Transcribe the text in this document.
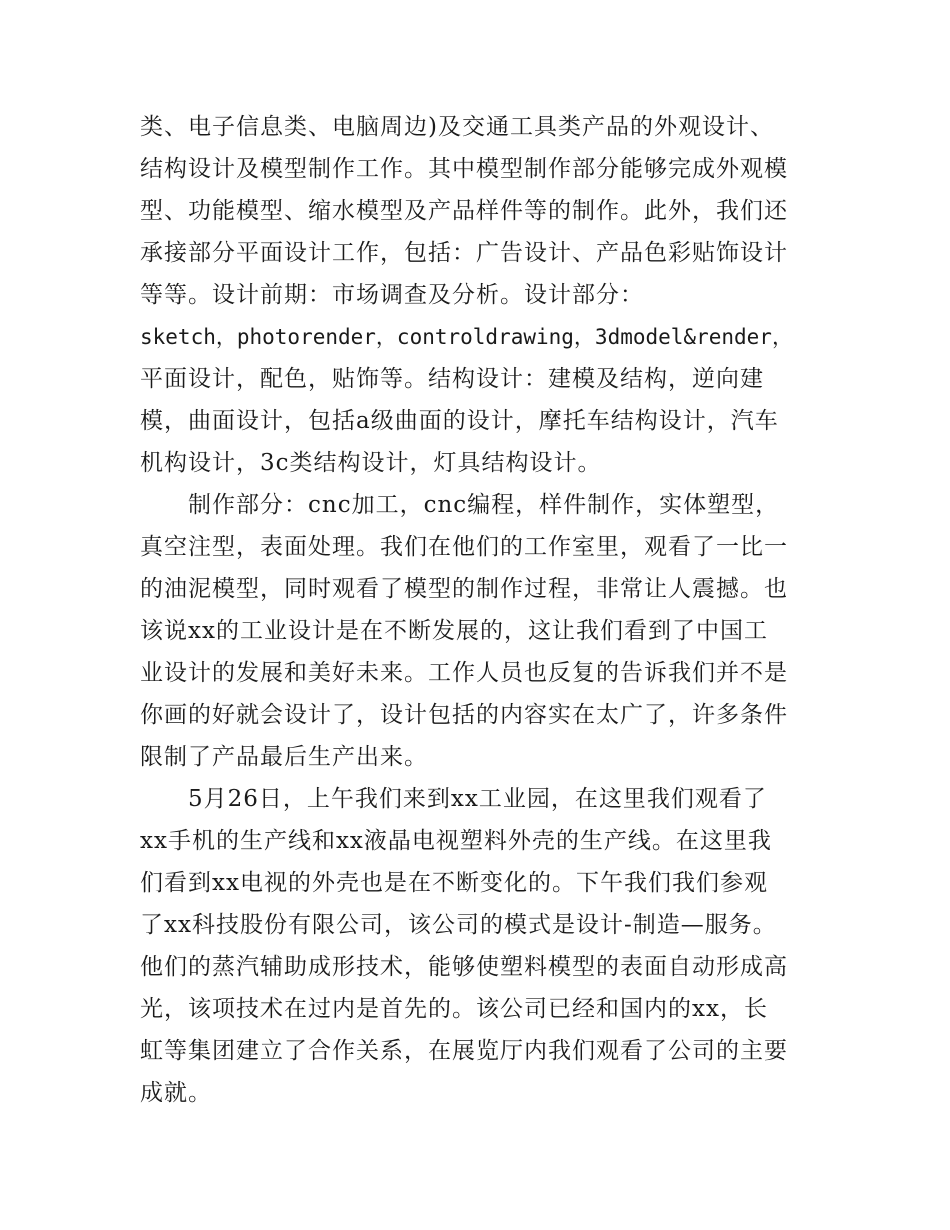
类、电子信息类、电脑周边)及交通工具类产品的外观设计、
结构设计及模型制作工作。其中模型制作部分能够完成外观模
型、功能模型、缩水模型及产品样件等的制作。此外，我们还
承接部分平面设计工作，包括：广告设计、产品色彩贴饰设计
等等。设计前期：市场调查及分析。设计部分：
sketch，photorender，controldrawing，3dmodel&render，
平面设计，配色，贴饰等。结构设计：建模及结构，逆向建
模，曲面设计，包括a级曲面的设计，摩托车结构设计，汽车
机构设计，3c类结构设计，灯具结构设计。

制作部分：cnc加工，cnc编程，样件制作，实体塑型，
真空注型，表面处理。我们在他们的工作室里，观看了一比一
的油泥模型，同时观看了模型的制作过程，非常让人震撼。也
该说xx的工业设计是在不断发展的，这让我们看到了中国工
业设计的发展和美好未来。工作人员也反复的告诉我们并不是
你画的好就会设计了，设计包括的内容实在太广了，许多条件
限制了产品最后生产出来。

5月26日，上午我们来到xx工业园，在这里我们观看了
xx手机的生产线和xx液晶电视塑料外壳的生产线。在这里我
们看到xx电视的外壳也是在不断变化的。下午我们我们参观
了xx科技股份有限公司，该公司的模式是设计-制造—服务。
他们的蒸汽辅助成形技术，能够使塑料模型的表面自动形成高
光，该项技术在过内是首先的。该公司已经和国内的xx，长
虹等集团建立了合作关系，在展览厅内我们观看了公司的主要
成就。
